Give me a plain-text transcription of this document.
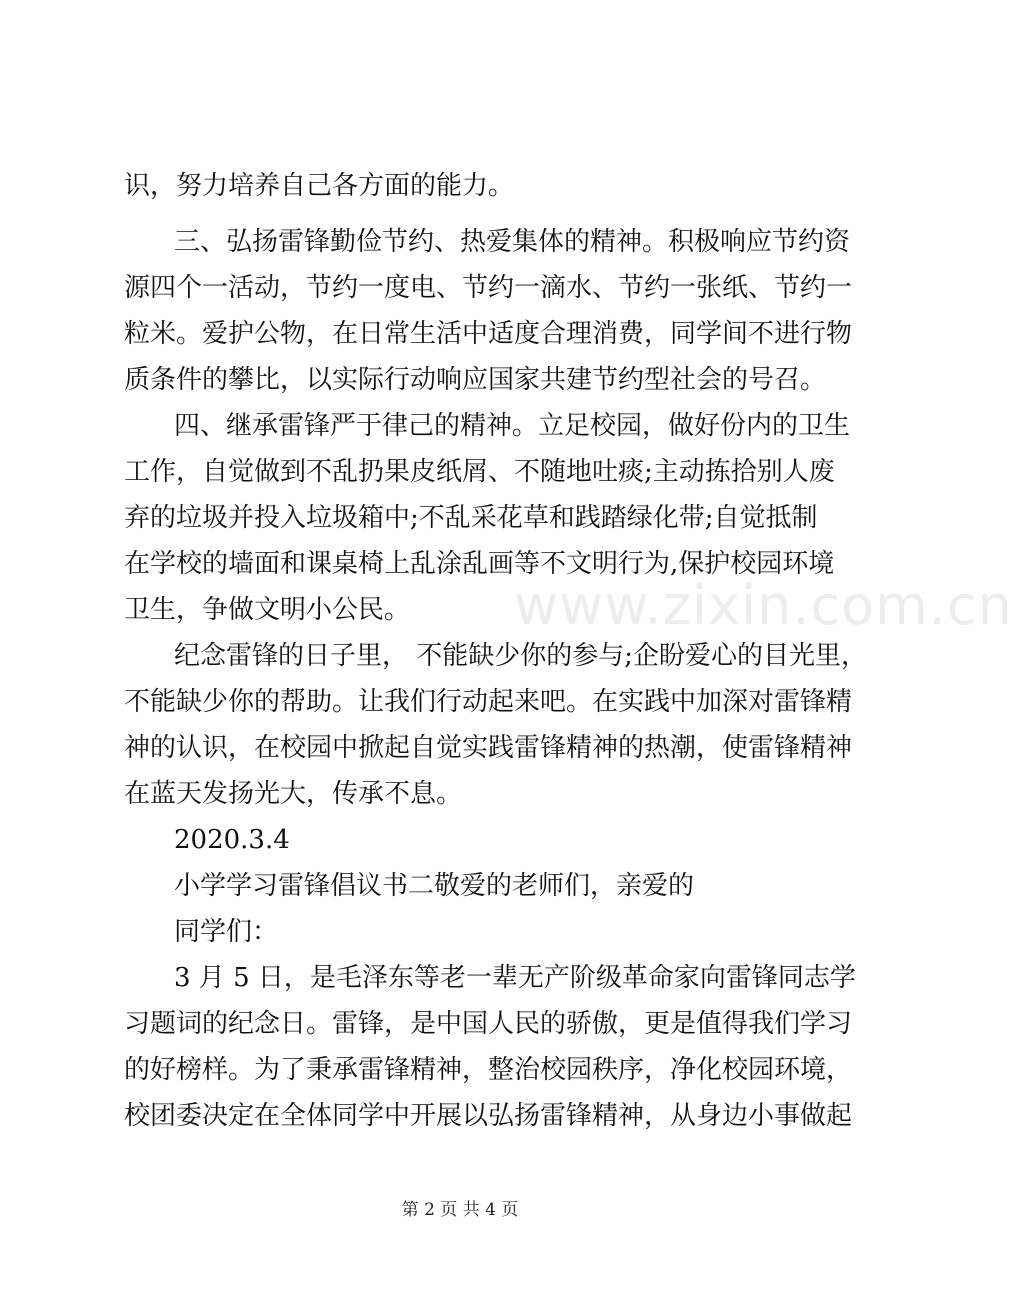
www.zixin.com.cn
识，努力培养自己各方面的能力。
三、弘扬雷锋勤俭节约、热爱集体的精神。积极响应节约资
源四个一活动，节约一度电、节约一滴水、节约一张纸、节约一
粒米。爱护公物，在日常生活中适度合理消费，同学间不进行物
质条件的攀比，以实际行动响应国家共建节约型社会的号召。
四、继承雷锋严于律己的精神。立足校园，做好份内的卫生
工作，自觉做到不乱扔果皮纸屑、不随地吐痰;主动拣拾别人废
弃的垃圾并投入垃圾箱中;不乱采花草和践踏绿化带;自觉抵制
在学校的墙面和课桌椅上乱涂乱画等不文明行为,保护校园环境
卫生，争做文明小公民。
纪念雷锋的日子里， 不能缺少你的参与;企盼爱心的目光里，
不能缺少你的帮助。让我们行动起来吧。在实践中加深对雷锋精
神的认识，在校园中掀起自觉实践雷锋精神的热潮，使雷锋精神
在蓝天发扬光大，传承不息。
2020.3.4
小学学习雷锋倡议书二敬爱的老师们，亲爱的
同学们：
3 月 5 日，是毛泽东等老一辈无产阶级革命家向雷锋同志学
习题词的纪念日。雷锋，是中国人民的骄傲，更是值得我们学习
的好榜样。为了秉承雷锋精神，整治校园秩序，净化校园环境，
校团委决定在全体同学中开展以弘扬雷锋精神，从身边小事做起
第 2 页 共 4 页
